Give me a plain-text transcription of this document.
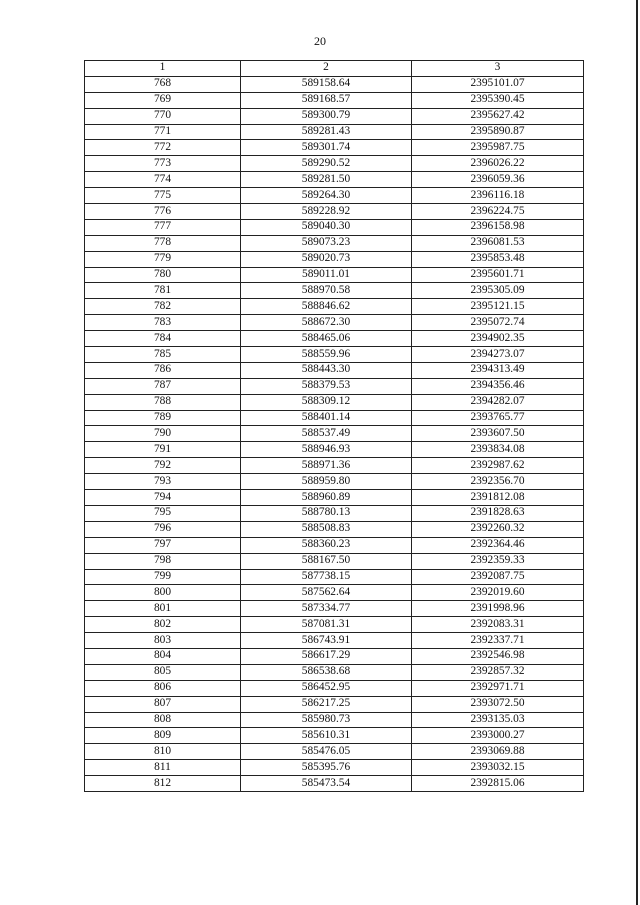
20
1	2	3
768	589158.64	2395101.07
769	589168.57	2395390.45
770	589300.79	2395627.42
771	589281.43	2395890.87
772	589301.74	2395987.75
773	589290.52	2396026.22
774	589281.50	2396059.36
775	589264.30	2396116.18
776	589228.92	2396224.75
777	589040.30	2396158.98
778	589073.23	2396081.53
779	589020.73	2395853.48
780	589011.01	2395601.71
781	588970.58	2395305.09
782	588846.62	2395121.15
783	588672.30	2395072.74
784	588465.06	2394902.35
785	588559.96	2394273.07
786	588443.30	2394313.49
787	588379.53	2394356.46
788	588309.12	2394282.07
789	588401.14	2393765.77
790	588537.49	2393607.50
791	588946.93	2393834.08
792	588971.36	2392987.62
793	588959.80	2392356.70
794	588960.89	2391812.08
795	588780.13	2391828.63
796	588508.83	2392260.32
797	588360.23	2392364.46
798	588167.50	2392359.33
799	587738.15	2392087.75
800	587562.64	2392019.60
801	587334.77	2391998.96
802	587081.31	2392083.31
803	586743.91	2392337.71
804	586617.29	2392546.98
805	586538.68	2392857.32
806	586452.95	2392971.71
807	586217.25	2393072.50
808	585980.73	2393135.03
809	585610.31	2393000.27
810	585476.05	2393069.88
811	585395.76	2393032.15
812	585473.54	2392815.06
